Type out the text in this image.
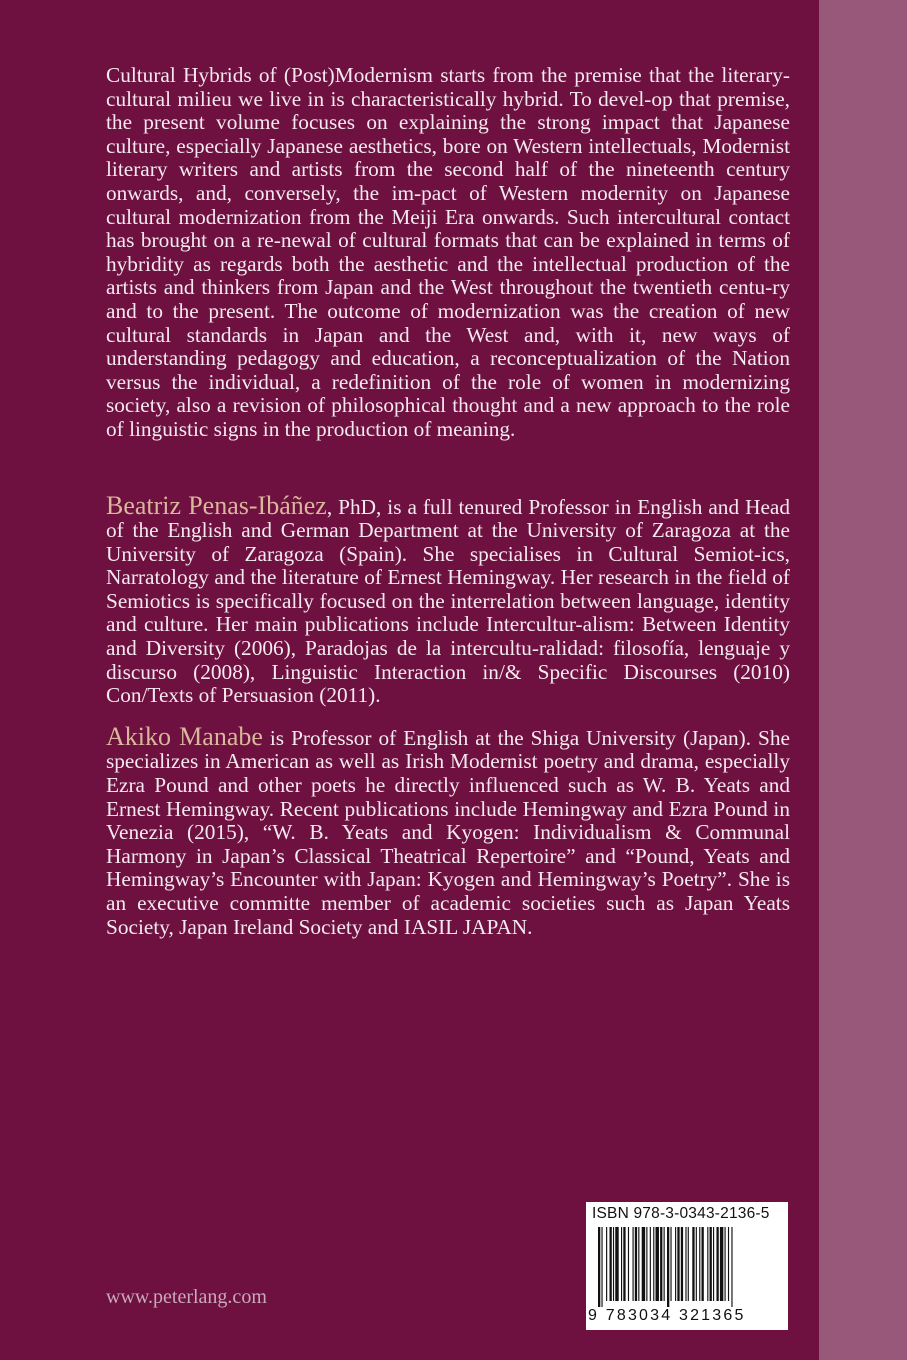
Cultural Hybrids of (Post)Modernism starts from the premise that the literary-cultural milieu we live in is characteristically hybrid. To devel-op that premise, the present volume focuses on explaining the strong impact that Japanese culture, especially Japanese aesthetics, bore on Western intellectuals, Modernist literary writers and artists from the second half of the nineteenth century onwards, and, conversely, the im-pact of Western modernity on Japanese cultural modernization from the Meiji Era onwards. Such intercultural contact has brought on a re-newal of cultural formats that can be explained in terms of hybridity as regards both the aesthetic and the intellectual production of the artists and thinkers from Japan and the West throughout the twentieth centu-ry and to the present. The outcome of modernization was the creation of new cultural standards in Japan and the West and, with it, new ways of understanding pedagogy and education, a reconceptualization of the Nation versus the individual, a redefinition of the role of women in modernizing society, also a revision of philosophical thought and a new approach to the role of linguistic signs in the production of meaning.

Beatriz Penas-Ibáñez, PhD, is a full tenured Professor in English and Head of the English and German Department at the University of Zaragoza at the University of Zaragoza (Spain). She specialises in Cultural Semiot-ics, Narratology and the literature of Ernest Hemingway. Her research in the field of Semiotics is specifically focused on the interrelation between language, identity and culture. Her main publications include Intercultur-alism: Between Identity and Diversity (2006), Paradojas de la intercultu-ralidad: filosofía, lenguaje y discurso (2008), Linguistic Interaction in/& Specific Discourses (2010) Con/Texts of Persuasion (2011).

Akiko Manabe is Professor of English at the Shiga University (Japan). She specializes in American as well as Irish Modernist poetry and drama, especially Ezra Pound and other poets he directly influenced such as W. B. Yeats and Ernest Hemingway. Recent publications include Hemingway and Ezra Pound in Venezia (2015), “W. B. Yeats and Kyogen: Individualism & Communal Harmony in Japan’s Classical Theatrical Repertoire” and “Pound, Yeats and Hemingway’s Encounter with Japan: Kyogen and Hemingway’s Poetry”. She is an executive committe member of academic societies such as Japan Yeats Society, Japan Ireland Society and IASIL JAPAN.

ISBN 978-3-0343-2136-5
9 783034 321365
www.peterlang.com
